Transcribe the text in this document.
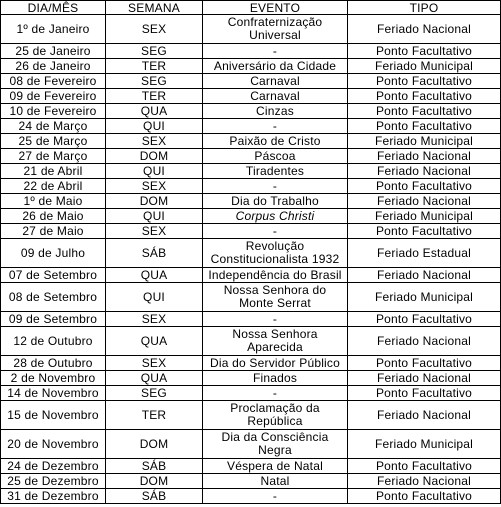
DIA/MÊS	SEMANA	EVENTO	TIPO
1º de Janeiro	SEX	Confraternização Universal	Feriado Nacional
25 de Janeiro	SEG	-	Ponto Facultativo
26 de Janeiro	TER	Aniversário da Cidade	Feriado Municipal
08 de Fevereiro	SEG	Carnaval	Ponto Facultativo
09 de Fevereiro	TER	Carnaval	Ponto Facultativo
10 de Fevereiro	QUA	Cinzas	Ponto Facultativo
24 de Março	QUI	-	Ponto Facultativo
25 de Março	SEX	Paixão de Cristo	Feriado Municipal
27 de Março	DOM	Páscoa	Feriado Nacional
21 de Abril	QUI	Tiradentes	Feriado Nacional
22 de Abril	SEX	-	Ponto Facultativo
1º de Maio	DOM	Dia do Trabalho	Feriado Nacional
26 de Maio	QUI	Corpus Christi	Feriado Municipal
27 de Maio	SEX	-	Ponto Facultativo
09 de Julho	SÁB	Revolução Constitucionalista 1932	Feriado Estadual
07 de Setembro	QUA	Independência do Brasil	Feriado Nacional
08 de Setembro	QUI	Nossa Senhora do Monte Serrat	Feriado Municipal
09 de Setembro	SEX	-	Ponto Facultativo
12 de Outubro	QUA	Nossa Senhora Aparecida	Feriado Nacional
28 de Outubro	SEX	Dia do Servidor Público	Ponto Facultativo
2 de Novembro	QUA	Finados	Feriado Nacional
14 de Novembro	SEG	-	Ponto Facultativo
15 de Novembro	TER	Proclamação da República	Feriado Nacional
20 de Novembro	DOM	Dia da Consciência Negra	Feriado Municipal
24 de Dezembro	SÁB	Véspera de Natal	Ponto Facultativo
25 de Dezembro	DOM	Natal	Feriado Nacional
31 de Dezembro	SÁB	-	Ponto Facultativo
